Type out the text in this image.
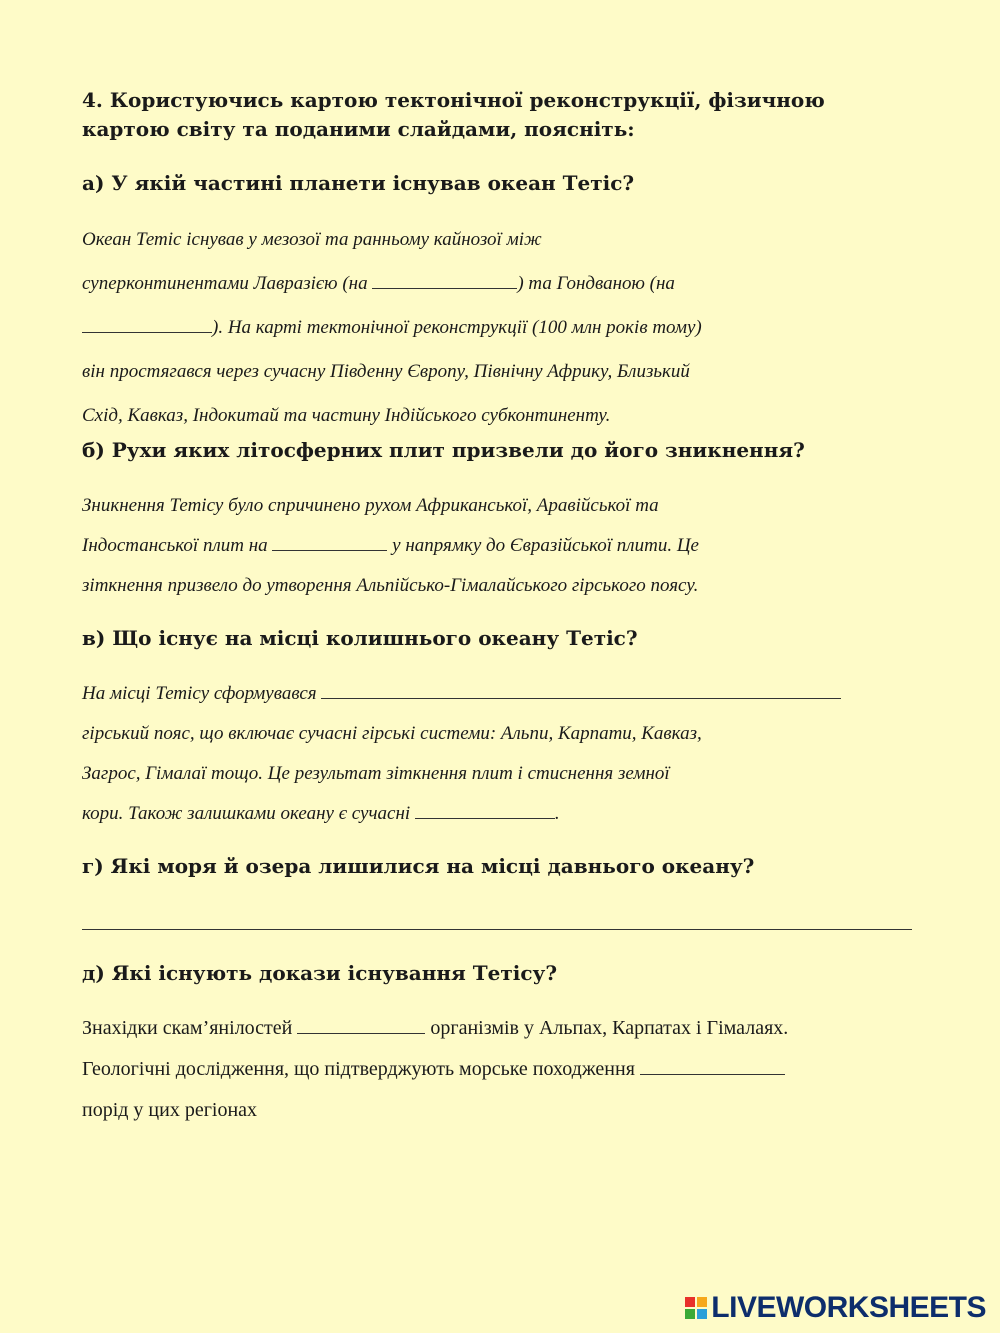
4. Користуючись картою тектонічної реконструкції, фізичною картою світу та поданими слайдами, поясніть:

а) У якій частині планети існував океан Тетіс?

Океан Тетіс існував у мезозої та ранньому кайнозої між

суперконтинентами Лавразією (на	) та Гондваною (на

). На карті тектонічної реконструкції (100 млн років тому)

він простягався через сучасну Південну Європу, Північну Африку, Близький

Схід, Кавказ, Індокитай та частину Індійського субконтиненту.

б) Рухи яких літосферних плит призвели до його зникнення?

Зникнення Тетісу було спричинено рухом Африканської, Аравійської та

Індостанської плит на	у напрямку до Євразійської плити. Це

зіткнення призвело до утворення Альпійсько-Гімалайського гірського поясу.

в) Що існує на місці колишнього океану Тетіс?

На місці Тетісу сформувався

гірський пояс, що включає сучасні гірські системи: Альпи, Карпати, Кавказ,

Загрос, Гімалаї тощо. Це результат зіткнення плит і стиснення земної

кори. Також залишками океану є сучасні	.

г) Які моря й озера лишилися на місці давнього океану?

д) Які існують докази існування Тетісу?

Знахідки скам’янілостей	організмів у Альпах, Карпатах і Гімалаях.

Геологічні дослідження, що підтверджують морське походження

порід у цих регіонах

LIVEWORKSHEETS
